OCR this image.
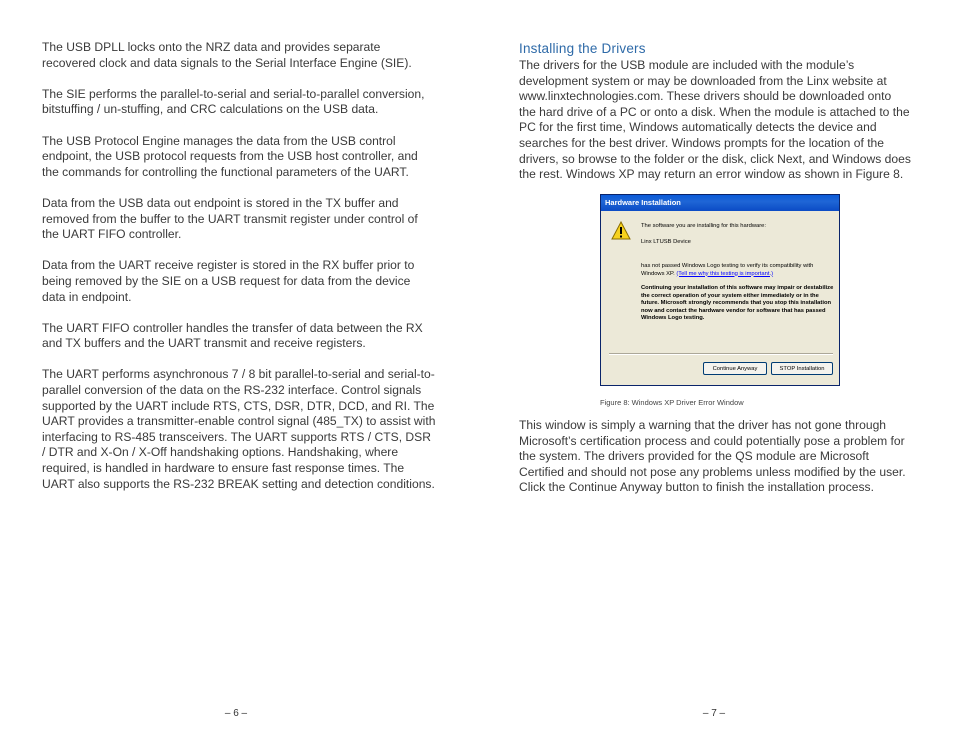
The USB DPLL locks onto the NRZ data and provides separate recovered clock and data signals to the Serial Interface Engine (SIE).

The SIE performs the parallel-to-serial and serial-to-parallel conversion, bitstuffing / un-stuffing, and CRC calculations on the USB data.

The USB Protocol Engine manages the data from the USB control endpoint, the USB protocol requests from the USB host controller, and the commands for controlling the functional parameters of the UART.

Data from the USB data out endpoint is stored in the TX buffer and removed from the buffer to the UART transmit register under control of the UART FIFO controller.

Data from the UART receive register is stored in the RX buffer prior to being removed by the SIE on a USB request for data from the device data in endpoint.

The UART FIFO controller handles the transfer of data between the RX and TX buffers and the UART transmit and receive registers.

The UART performs asynchronous 7 / 8 bit parallel-to-serial and serial-to-parallel conversion of the data on the RS-232 interface. Control signals supported by the UART include RTS, CTS, DSR, DTR, DCD, and RI. The UART provides a transmitter-enable control signal (485_TX) to assist with interfacing to RS-485 transceivers. The UART supports RTS / CTS, DSR / DTR and X-On / X-Off handshaking options. Handshaking, where required, is handled in hardware to ensure fast response times. The UART also supports the RS-232 BREAK setting and detection conditions.

– 6 –
Installing the Drivers

The drivers for the USB module are included with the module’s development system or may be downloaded from the Linx website at www.linxtechnologies.com. These drivers should be downloaded onto the hard drive of a PC or onto a disk. When the module is attached to the PC for the first time, Windows automatically detects the device and searches for the best driver. Windows prompts for the location of the drivers, so browse to the folder or the disk, click Next, and Windows does the rest. Windows XP may return an error window as shown in Figure 8.

Hardware Installation

The software you are installing for this hardware:

Linx LTUSB Device

has not passed Windows Logo testing to verify its compatibility with Windows XP. (Tell me why this testing is important.)

Continuing your installation of this software may impair or destabilize the correct operation of your system either immediately or in the future. Microsoft strongly recommends that you stop this installation now and contact the hardware vendor for software that has passed Windows Logo testing.

Continue Anyway	STOP Installation
Figure 8: Windows XP Driver Error Window

This window is simply a warning that the driver has not gone through Microsoft’s certification process and could potentially pose a problem for the system. The drivers provided for the QS module are Microsoft Certified and should not pose any problems unless modified by the user. Click the Continue Anyway button to finish the installation process.

– 7 –
